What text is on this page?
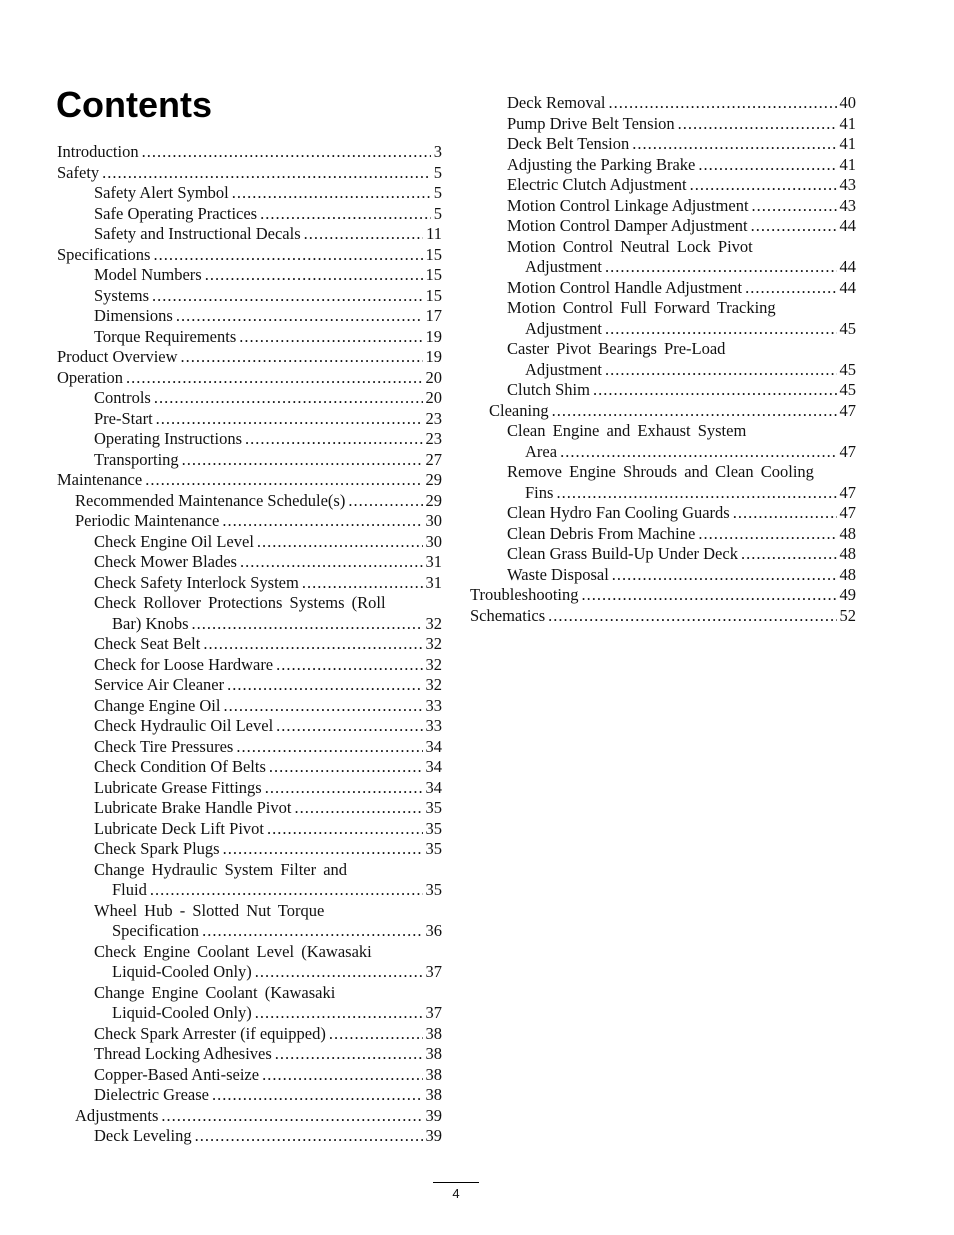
Contents
Introduction .....	3
Safety .....	5
Safety Alert Symbol .....	5
Safe Operating Practices .....	5
Safety and Instructional Decals .....	11
Specifications .....	15
Model Numbers .....	15
Systems .....	15
Dimensions .....	17
Torque Requirements .....	19
Product Overview .....	19
Operation .....	20
Controls .....	20
Pre-Start .....	23
Operating Instructions .....	23
Transporting .....	27
Maintenance .....	29
Recommended Maintenance Schedule(s) .....	29
Periodic Maintenance .....	30
Check Engine Oil Level .....	30
Check Mower Blades .....	31
Check Safety Interlock System .....	31
Check Rollover Protections Systems (Roll
Bar) Knobs .....	32
Check Seat Belt .....	32
Check for Loose Hardware .....	32
Service Air Cleaner .....	32
Change Engine Oil .....	33
Check Hydraulic Oil Level .....	33
Check Tire Pressures .....	34
Check Condition Of Belts .....	34
Lubricate Grease Fittings .....	34
Lubricate Brake Handle Pivot .....	35
Lubricate Deck Lift Pivot .....	35
Check Spark Plugs .....	35
Change Hydraulic System Filter and
Fluid .....	35
Wheel Hub - Slotted Nut Torque
Specification .....	36
Check Engine Coolant Level (Kawasaki
Liquid-Cooled Only) .....	37
Change Engine Coolant (Kawasaki
Liquid-Cooled Only) .....	37
Check Spark Arrester (if equipped) .....	38
Thread Locking Adhesives .....	38
Copper-Based Anti-seize .....	38
Dielectric Grease .....	38
Adjustments .....	39
Deck Leveling .....	39
Deck Removal .....	40
Pump Drive Belt Tension .....	41
Deck Belt Tension .....	41
Adjusting the Parking Brake .....	41
Electric Clutch Adjustment .....	43
Motion Control Linkage Adjustment .....	43
Motion Control Damper Adjustment .....	44
Motion Control Neutral Lock Pivot
Adjustment .....	44
Motion Control Handle Adjustment .....	44
Motion Control Full Forward Tracking
Adjustment .....	45
Caster Pivot Bearings Pre-Load
Adjustment .....	45
Clutch Shim .....	45
Cleaning .....	47
Clean Engine and Exhaust System
Area .....	47
Remove Engine Shrouds and Clean Cooling
Fins .....	47
Clean Hydro Fan Cooling Guards .....	47
Clean Debris From Machine .....	48
Clean Grass Build-Up Under Deck .....	48
Waste Disposal .....	48
Troubleshooting .....	49
Schematics .....	52
4
